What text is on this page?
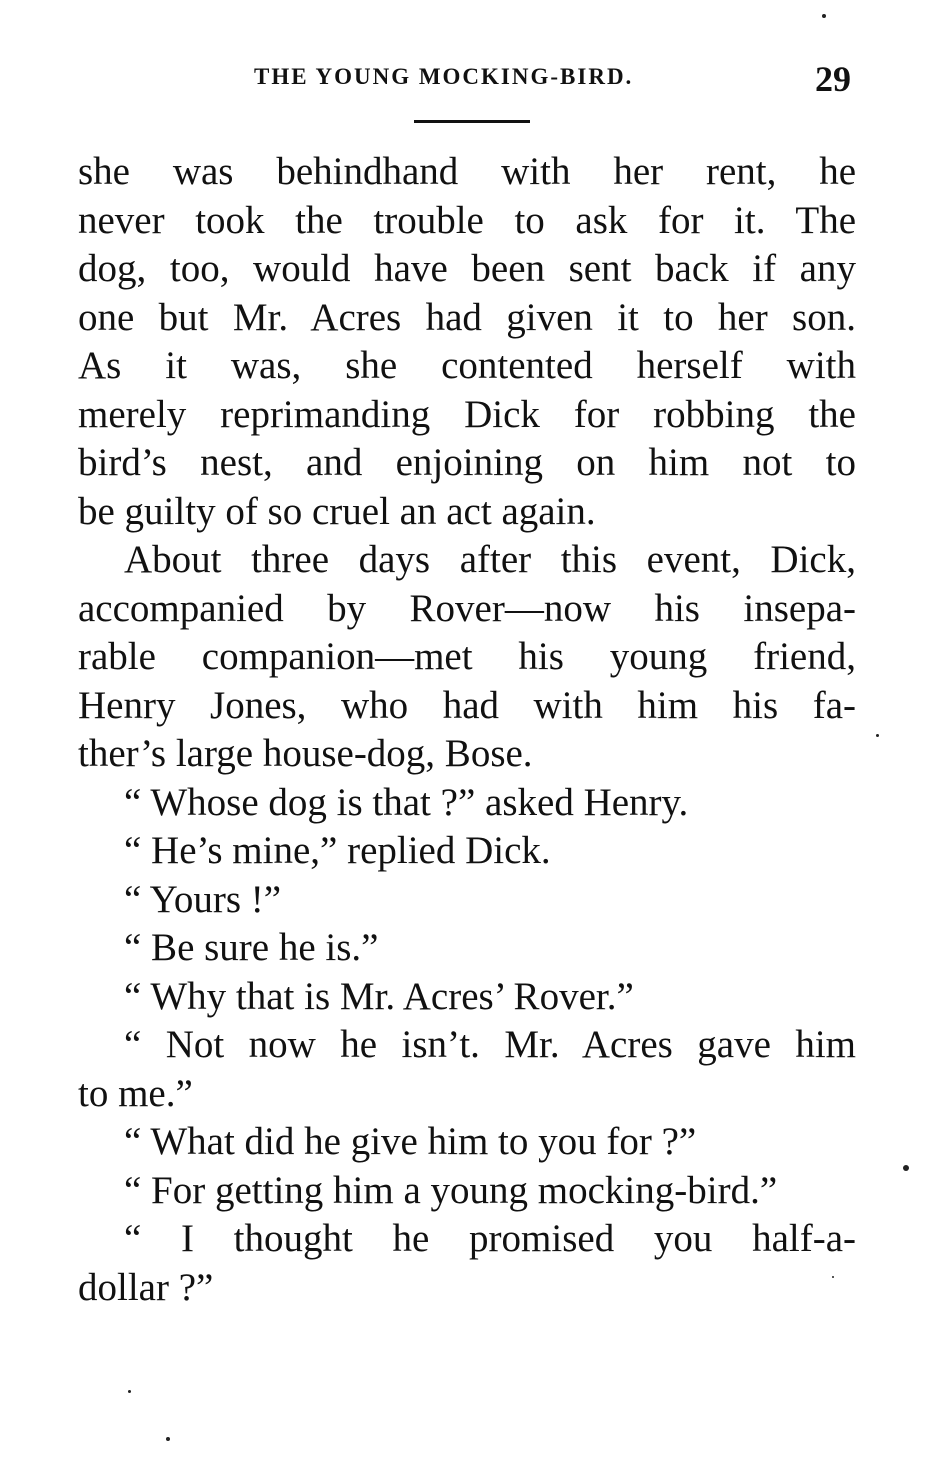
THE YOUNG MOCKING-BIRD.	29
she was behindhand with her rent, he
never took the trouble to ask for it. The
dog, too, would have been sent back if any
one but Mr. Acres had given it to her son.
As it was, she contented herself with
merely reprimanding Dick for robbing the
bird’s nest, and enjoining on him not to
be guilty of so cruel an act again.
About three days after this event, Dick,
accompanied by Rover—now his insepa-
rable companion—met his young friend,
Henry Jones, who had with him his fa-
ther’s large house-dog, Bose.
“ Whose dog is that ?” asked Henry.
“ He’s mine,” replied Dick.
“ Yours !”
“ Be sure he is.”
“ Why that is Mr. Acres’ Rover.”
“ Not now he isn’t. Mr. Acres gave him
to me.”
“ What did he give him to you for ?”
“ For getting him a young mocking-bird.”
“ I thought he promised you half-a-
dollar ?”
